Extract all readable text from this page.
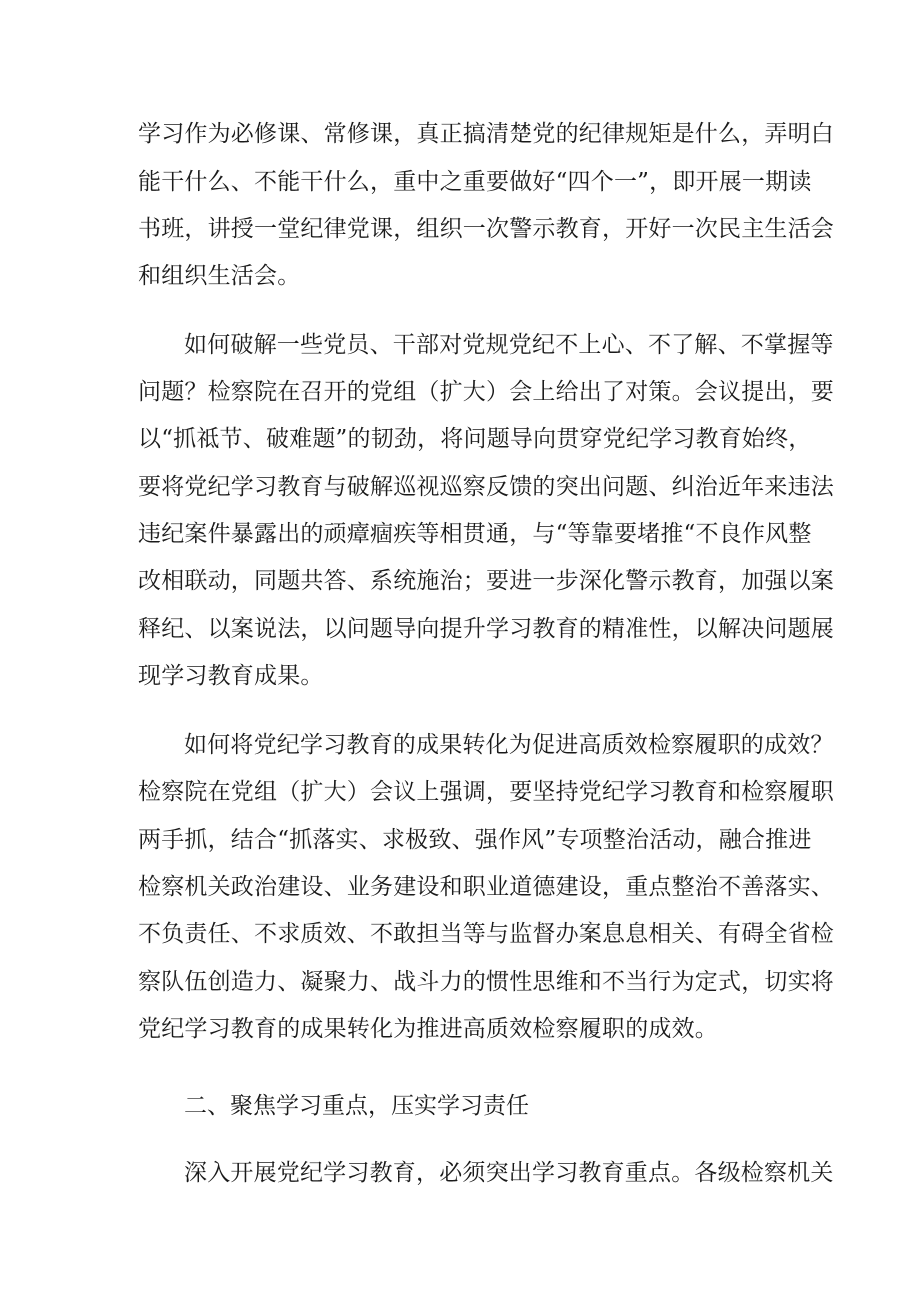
学习作为必修课、常修课，真正搞清楚党的纪律规矩是什么，弄明白

能干什么、不能干什么，重中之重要做好“四个一”，即开展一期读

书班，讲授一堂纪律党课，组织一次警示教育，开好一次民主生活会

和组织生活会。

如何破解一些党员、干部对党规党纪不上心、不了解、不掌握等

问题？检察院在召开的党组（扩大）会上给出了对策。会议提出，要

以“抓祗节、破难题”的韧劲，将问题导向贯穿党纪学习教育始终，

要将党纪学习教育与破解巡视巡察反馈的突出问题、纠治近年来违法

违纪案件暴露出的顽瘴痼疾等相贯通，与“等靠要堵推“不良作风整

改相联动，同题共答、系统施治；要进一步深化警示教育，加强以案

释纪、以案说法，以问题导向提升学习教育的精准性，以解决问题展

现学习教育成果。

如何将党纪学习教育的成果转化为促进高质效检察履职的成效？

检察院在党组（扩大）会议上强调，要坚持党纪学习教育和检察履职

两手抓，结合“抓落实、求极致、强作风”专项整治活动，融合推进

检察机关政治建设、业务建设和职业道德建设，重点整治不善落实、

不负责任、不求质效、不敢担当等与监督办案息息相关、有碍全省检

察队伍创造力、凝聚力、战斗力的惯性思维和不当行为定式，切实将

党纪学习教育的成果转化为推进高质效检察履职的成效。

二、聚焦学习重点，压实学习责任

深入开展党纪学习教育，必须突出学习教育重点。各级检察机关
